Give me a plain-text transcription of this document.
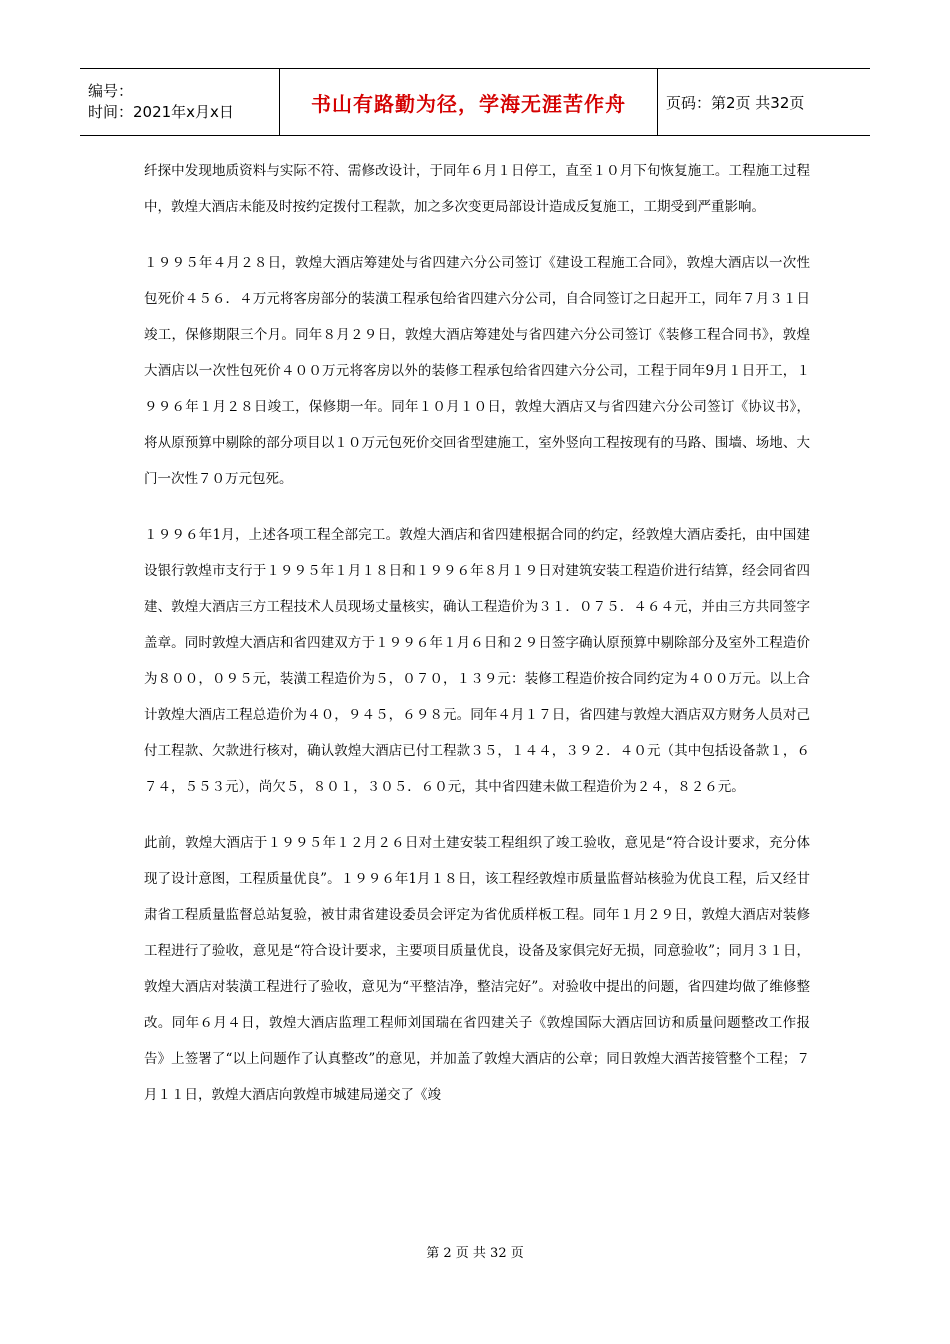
编号：
时间：2021年x月x日	书山有路勤为径，学海无涯苦作舟	页码：第2页 共32页

纤探中发现地质资料与实际不符、需修改设计，于同年６月１日停工，直至１０月下旬恢复施工。工程施工过程中，敦煌大酒店未能及时按约定拨付工程款，加之多次变更局部设计造成反复施工，工期受到严重影响。

１９９５年４月２８日，敦煌大酒店筹建处与省四建六分公司签订《建设工程施工合同》，敦煌大酒店以一次性包死价４５６．４万元将客房部分的装潢工程承包给省四建六分公司，自合同签订之日起开工，同年７月３１日竣工，保修期限三个月。同年８月２９日，敦煌大酒店筹建处与省四建六分公司签订《装修工程合同书》，敦煌大酒店以一次性包死价４００万元将客房以外的装修工程承包给省四建六分公司，工程于同年9月１日开工，１９９６年１月２８日竣工，保修期一年。同年１０月１０日，敦煌大酒店又与省四建六分公司签订《协议书》，将从原预算中剔除的部分项目以１０万元包死价交回省型建施工，室外竖向工程按现有的马路、围墙、场地、大门一次性７０万元包死。

１９９６年1月，上述各项工程全部完工。敦煌大酒店和省四建根据合同的约定，经敦煌大酒店委托，由中国建设银行敦煌市支行于１９９５年１月１８日和１９９６年８月１９日对建筑安装工程造价进行结算，经会同省四建、敦煌大酒店三方工程技术人员现场丈量核实，确认工程造价为３１．０７５．４６４元，并由三方共同签字盖章。同时敦煌大酒店和省四建双方于１９９６年１月６日和２９日签字确认原预算中剔除部分及室外工程造价为８００，０９５元，装潢工程造价为５，０７０，１３９元：装修工程造价按合同约定为４００万元。以上合计敦煌大酒店工程总造价为４０，９４５，６９８元。同年４月１７日，省四建与敦煌大酒店双方财务人员对己付工程款、欠款进行核对，确认敦煌大酒店已付工程款３５，１４４，３９２．４０元（其中包括设备款１，６７４，５５３元），尚欠５，８０１，３０５．６０元，其中省四建未做工程造价为２４，８２６元。

此前，敦煌大酒店于１９９５年１２月２６日对土建安装工程组织了竣工验收，意见是“符合设计要求，充分体现了设计意图，工程质量优良”。１９９６年1月１８日，该工程经敦煌市质量监督站核验为优良工程，后又经甘肃省工程质量监督总站复验，被甘肃省建设委员会评定为省优质样板工程。同年１月２９日，敦煌大酒店对装修工程进行了验收，意见是“符合设计要求，主要项目质量优良，设备及家俱完好无损，同意验收”；同月３１日，敦煌大酒店对装潢工程进行了验收，意见为“平整洁净，整洁完好”。对验收中提出的问题，省四建均做了维修整改。同年６月４日，敦煌大酒店监理工程师刘国瑞在省四建关子《敦煌国际大酒店回访和质量问题整改工作报告》上签署了“以上问题作了认真整改”的意见，并加盖了敦煌大酒店的公章；同日敦煌大酒苦接管整个工程；７月１１日，敦煌大酒店向敦煌市城建局递交了《竣

第 2 页 共 32 页
